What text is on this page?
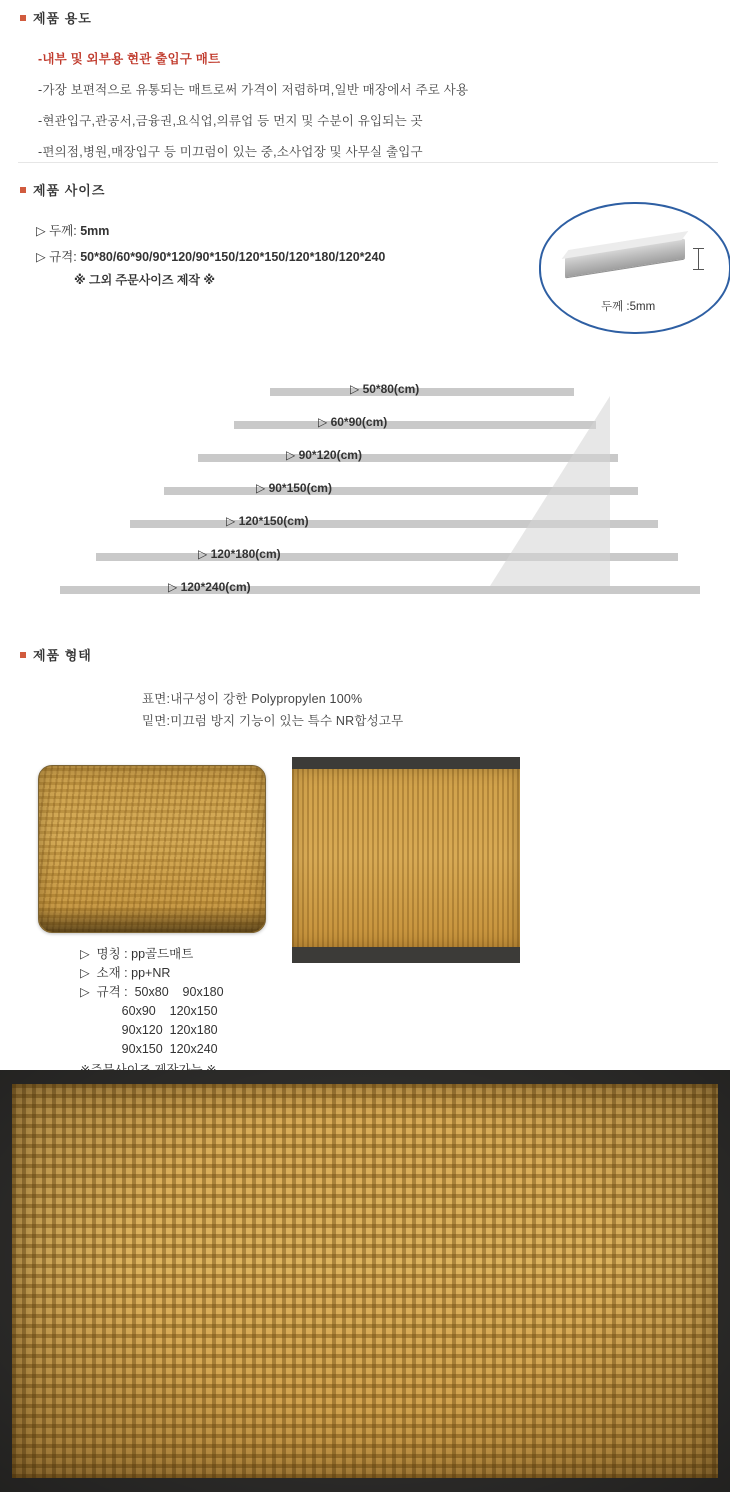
제품 용도
-내부 및 외부용 현관 출입구 매트
-가장 보편적으로 유통되는 매트로써 가격이 저렴하며,일반 매장에서 주로 사용
-현관입구,관공서,금융권,요식업,의류업 등 먼지 및 수분이 유입되는 곳
-편의점,병원,매장입구 등 미끄럼이 있는 중,소사업장 및 사무실 출입구
제품 사이즈
▷ 두께: 5mm
▷ 규격: 50*80/60*90/90*120/90*150/120*150/120*180/120*240
※ 그외 주문사이즈 제작 ※
두께 :5mm
▷ 50*80(cm)
▷ 60*90(cm)
▷ 90*120(cm)
▷ 90*150(cm)
▷ 120*150(cm)
▷ 120*180(cm)
▷ 120*240(cm)
제품 형태
표면:내구성이 강한 Polypropylen 100%
밑면:미끄럼 방지 기능이 있는 특수 NR합성고무
▷  명칭 : pp골드매트
▷  소재 : pp+NR
▷  규격 :  50x80    90x180
60x90    120x150
90x120  120x180
90x150  120x240
